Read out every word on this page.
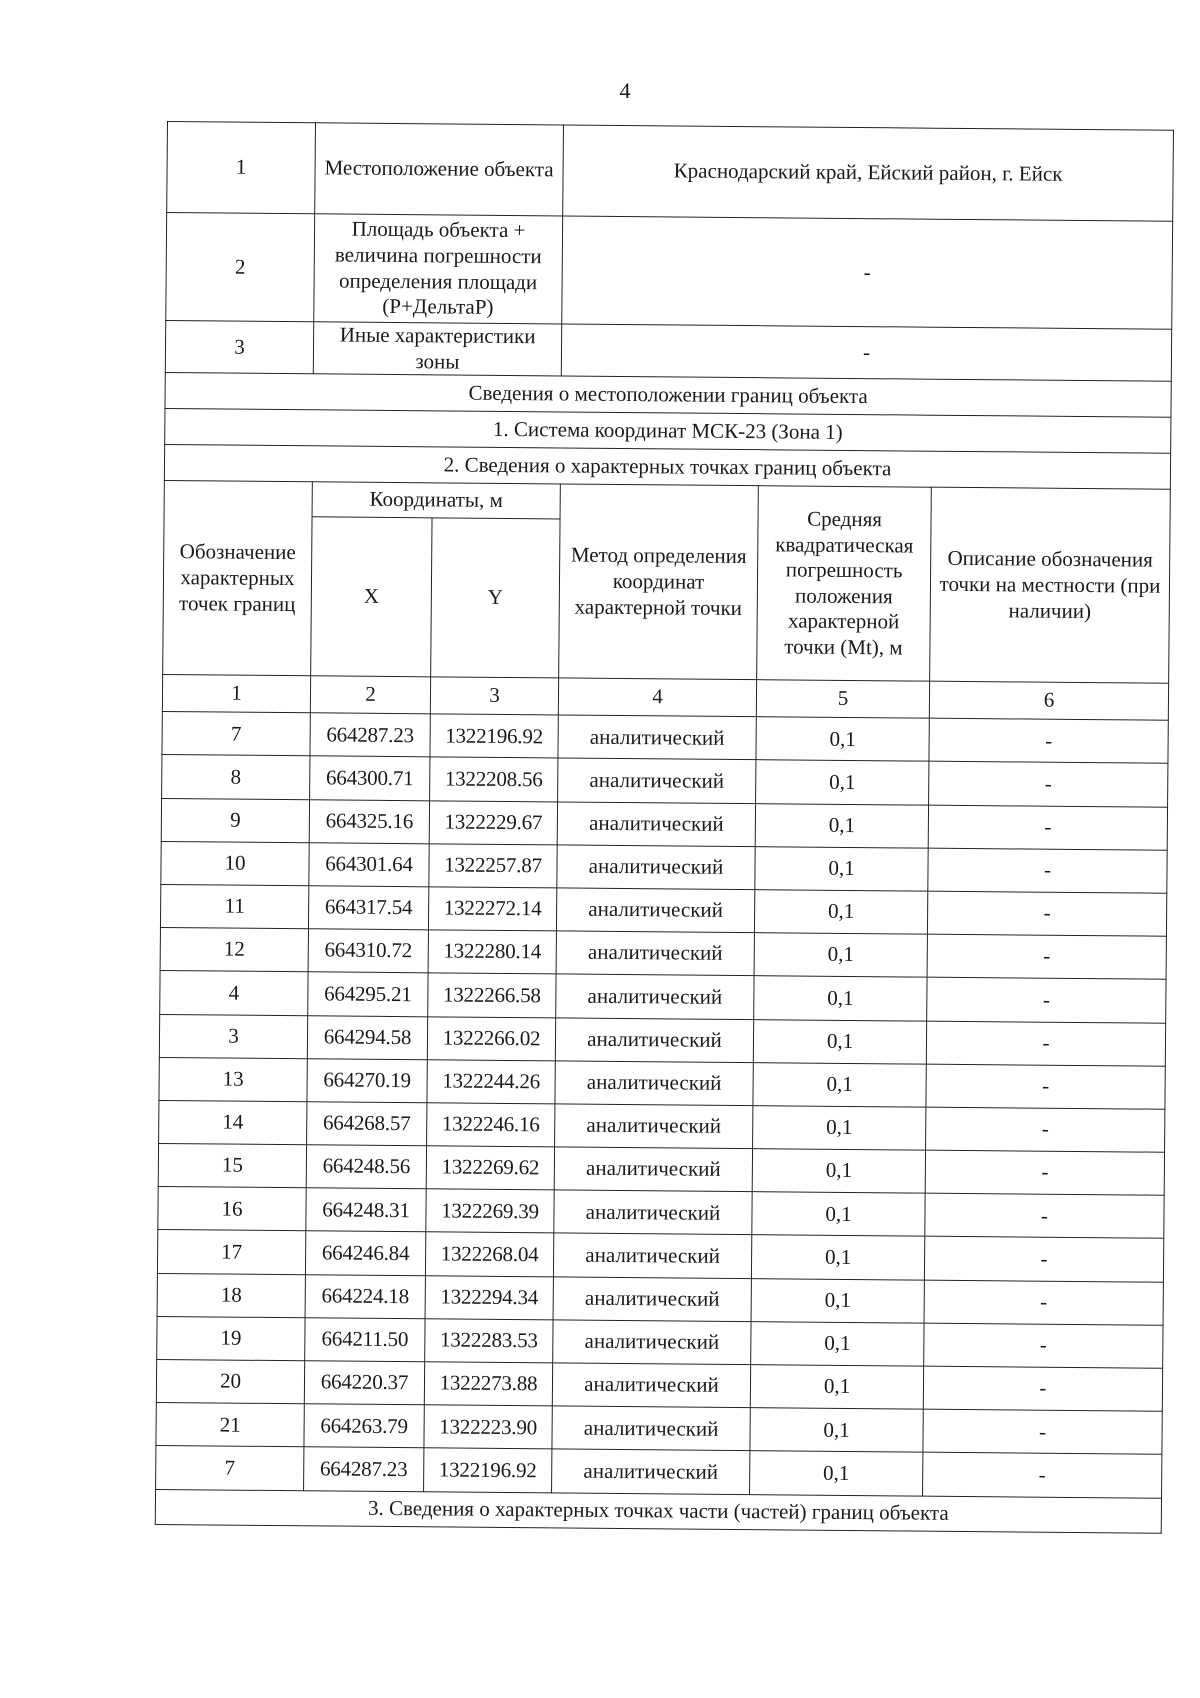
4
1	Местоположение объекта		Краснодарский край, Ейский район, г. Ейск		
2	Площадь объекта + величина погрешности определения площади (P+ДельтаP)		-		
3	Иные характеристики зоны		-		
Сведения о местоположении границ объекта					
1. Система координат МСК-23 (Зона 1)					
2. Сведения о характерных точках границ объекта					
Обозначение характерных точек границ	Координаты, м		Метод определения координат характерной точки	Средняя квадратическая погрешность положения характерной точки (Mt), м	Описание обозначения точки на местности (при наличии)
	X	Y			
1	2	3	4	5	6
7	664287.23	1322196.92	аналитический	0,1	-
8	664300.71	1322208.56	аналитический	0,1	-
9	664325.16	1322229.67	аналитический	0,1	-
10	664301.64	1322257.87	аналитический	0,1	-
11	664317.54	1322272.14	аналитический	0,1	-
12	664310.72	1322280.14	аналитический	0,1	-
4	664295.21	1322266.58	аналитический	0,1	-
3	664294.58	1322266.02	аналитический	0,1	-
13	664270.19	1322244.26	аналитический	0,1	-
14	664268.57	1322246.16	аналитический	0,1	-
15	664248.56	1322269.62	аналитический	0,1	-
16	664248.31	1322269.39	аналитический	0,1	-
17	664246.84	1322268.04	аналитический	0,1	-
18	664224.18	1322294.34	аналитический	0,1	-
19	664211.50	1322283.53	аналитический	0,1	-
20	664220.37	1322273.88	аналитический	0,1	-
21	664263.79	1322223.90	аналитический	0,1	-
7	664287.23	1322196.92	аналитический	0,1	-
3. Сведения о характерных точках части (частей) границ объекта					
